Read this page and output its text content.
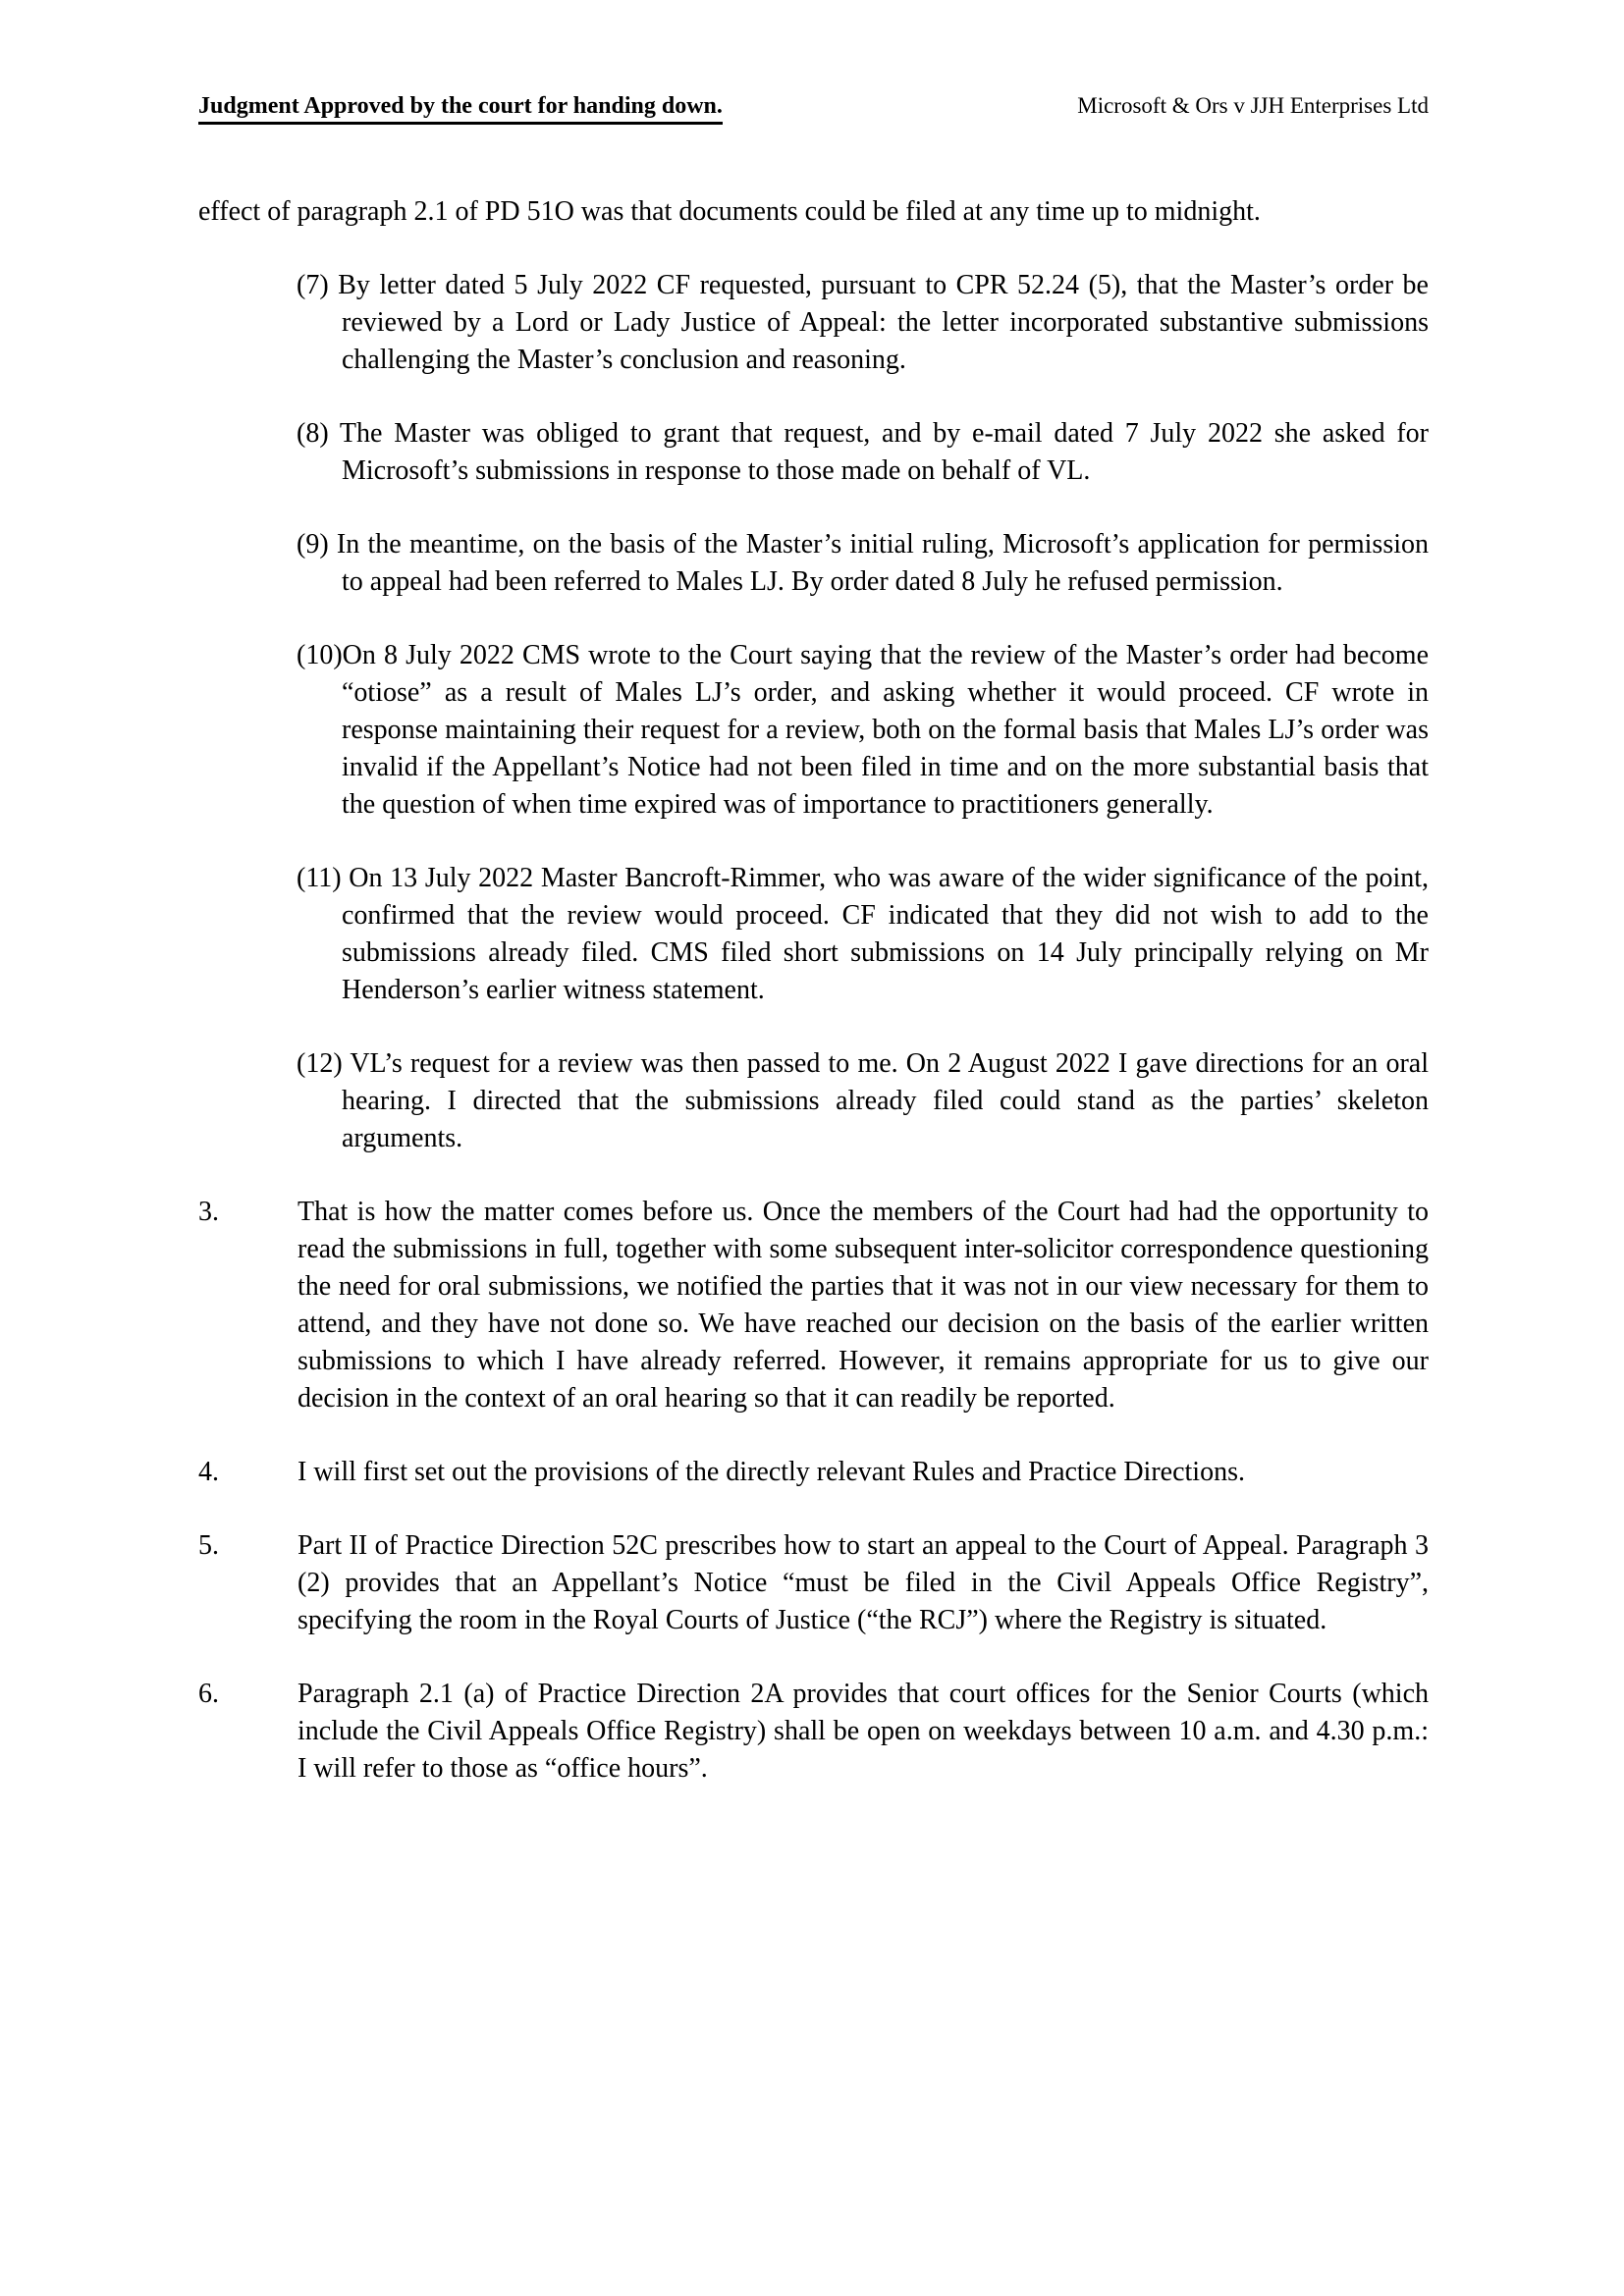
Judgment Approved by the court for handing down.	Microsoft & Ors v JJH Enterprises Ltd

effect of paragraph 2.1 of PD 51O was that documents could be filed at any time up to midnight.

(7) By letter dated 5 July 2022 CF requested, pursuant to CPR 52.24 (5), that the Master’s order be reviewed by a Lord or Lady Justice of Appeal: the letter incorporated substantive submissions challenging the Master’s conclusion and reasoning.

(8) The Master was obliged to grant that request, and by e-mail dated 7 July 2022 she asked for Microsoft’s submissions in response to those made on behalf of VL.

(9) In the meantime, on the basis of the Master’s initial ruling, Microsoft’s application for permission to appeal had been referred to Males LJ. By order dated 8 July he refused permission.

(10)On 8 July 2022 CMS wrote to the Court saying that the review of the Master’s order had become “otiose” as a result of Males LJ’s order, and asking whether it would proceed. CF wrote in response maintaining their request for a review, both on the formal basis that Males LJ’s order was invalid if the Appellant’s Notice had not been filed in time and on the more substantial basis that the question of when time expired was of importance to practitioners generally.

(11) On 13 July 2022 Master Bancroft-Rimmer, who was aware of the wider significance of the point, confirmed that the review would proceed. CF indicated that they did not wish to add to the submissions already filed. CMS filed short submissions on 14 July principally relying on Mr Henderson’s earlier witness statement.

(12) VL’s request for a review was then passed to me. On 2 August 2022 I gave directions for an oral hearing. I directed that the submissions already filed could stand as the parties’ skeleton arguments.

3.	That is how the matter comes before us. Once the members of the Court had had the opportunity to read the submissions in full, together with some subsequent inter-solicitor correspondence questioning the need for oral submissions, we notified the parties that it was not in our view necessary for them to attend, and they have not done so. We have reached our decision on the basis of the earlier written submissions to which I have already referred. However, it remains appropriate for us to give our decision in the context of an oral hearing so that it can readily be reported.

4.	I will first set out the provisions of the directly relevant Rules and Practice Directions.

5.	Part II of Practice Direction 52C prescribes how to start an appeal to the Court of Appeal. Paragraph 3 (2) provides that an Appellant’s Notice “must be filed in the Civil Appeals Office Registry”, specifying the room in the Royal Courts of Justice (“the RCJ”) where the Registry is situated.

6.	Paragraph 2.1 (a) of Practice Direction 2A provides that court offices for the Senior Courts (which include the Civil Appeals Office Registry) shall be open on weekdays between 10 a.m. and 4.30 p.m.: I will refer to those as “office hours”.
